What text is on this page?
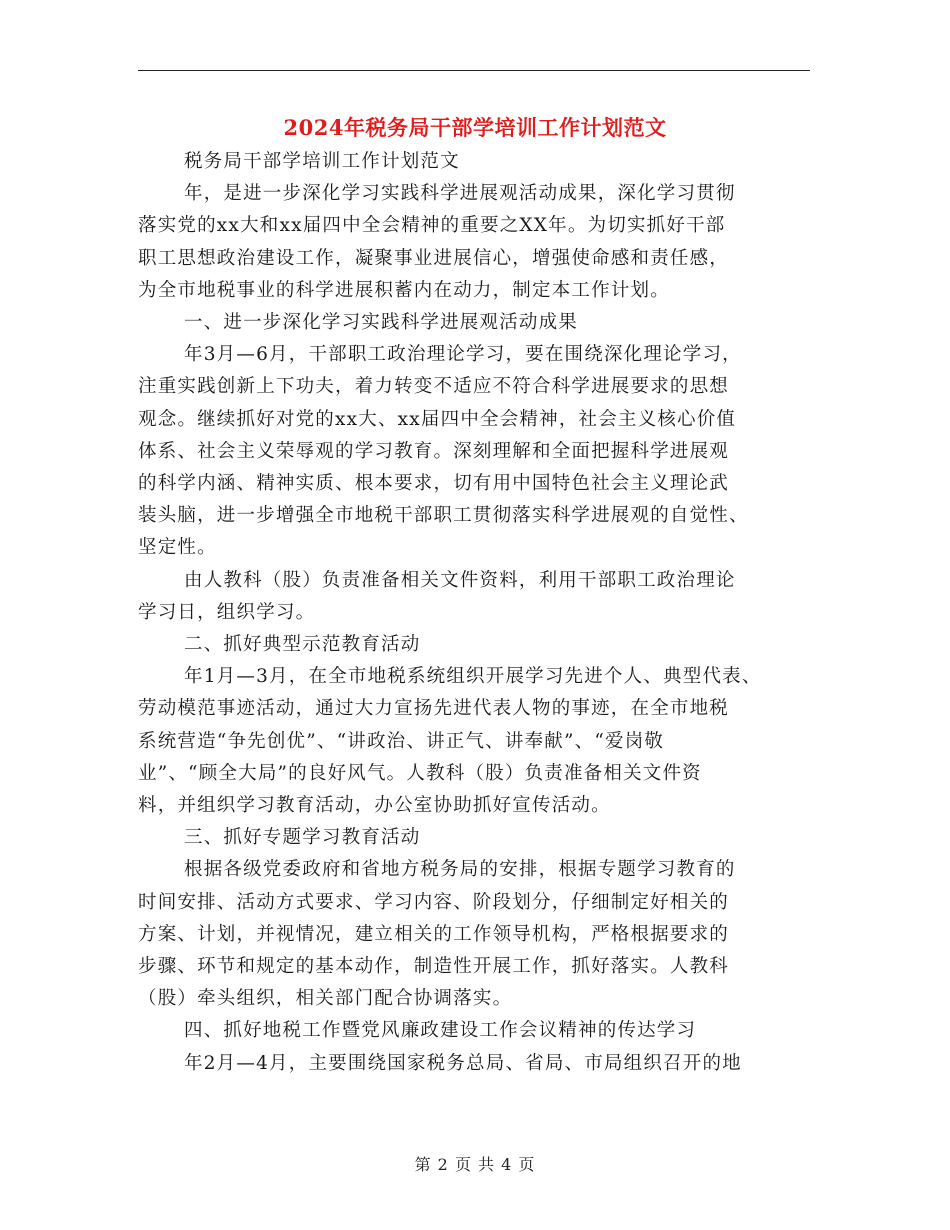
2024年税务局干部学培训工作计划范文

税务局干部学培训工作计划范文

年，是进一步深化学习实践科学进展观活动成果，深化学习贯彻
落实党的xx大和xx届四中全会精神的重要之XX年。为切实抓好干部
职工思想政治建设工作，凝聚事业进展信心，增强使命感和责任感，
为全市地税事业的科学进展积蓄内在动力，制定本工作计划。

一、进一步深化学习实践科学进展观活动成果

年3月—6月，干部职工政治理论学习，要在围绕深化理论学习，
注重实践创新上下功夫，着力转变不适应不符合科学进展要求的思想
观念。继续抓好对党的xx大、xx届四中全会精神，社会主义核心价值
体系、社会主义荣辱观的学习教育。深刻理解和全面把握科学进展观
的科学内涵、精神实质、根本要求，切有用中国特色社会主义理论武
装头脑，进一步增强全市地税干部职工贯彻落实科学进展观的自觉性、
坚定性。

由人教科（股）负责准备相关文件资料，利用干部职工政治理论
学习日，组织学习。

二、抓好典型示范教育活动

年1月—3月，在全市地税系统组织开展学习先进个人、典型代表、
劳动模范事迹活动，通过大力宣扬先进代表人物的事迹，在全市地税
系统营造“争先创优”、“讲政治、讲正气、讲奉献”、“爱岗敬
业”、“顾全大局”的良好风气。人教科（股）负责准备相关文件资
料，并组织学习教育活动，办公室协助抓好宣传活动。

三、抓好专题学习教育活动

根据各级党委政府和省地方税务局的安排，根据专题学习教育的
时间安排、活动方式要求、学习内容、阶段划分，仔细制定好相关的
方案、计划，并视情况，建立相关的工作领导机构，严格根据要求的
步骤、环节和规定的基本动作，制造性开展工作，抓好落实。人教科
（股）牵头组织，相关部门配合协调落实。

四、抓好地税工作暨党风廉政建设工作会议精神的传达学习

年2月—4月，主要围绕国家税务总局、省局、市局组织召开的地

第 2 页 共 4 页
